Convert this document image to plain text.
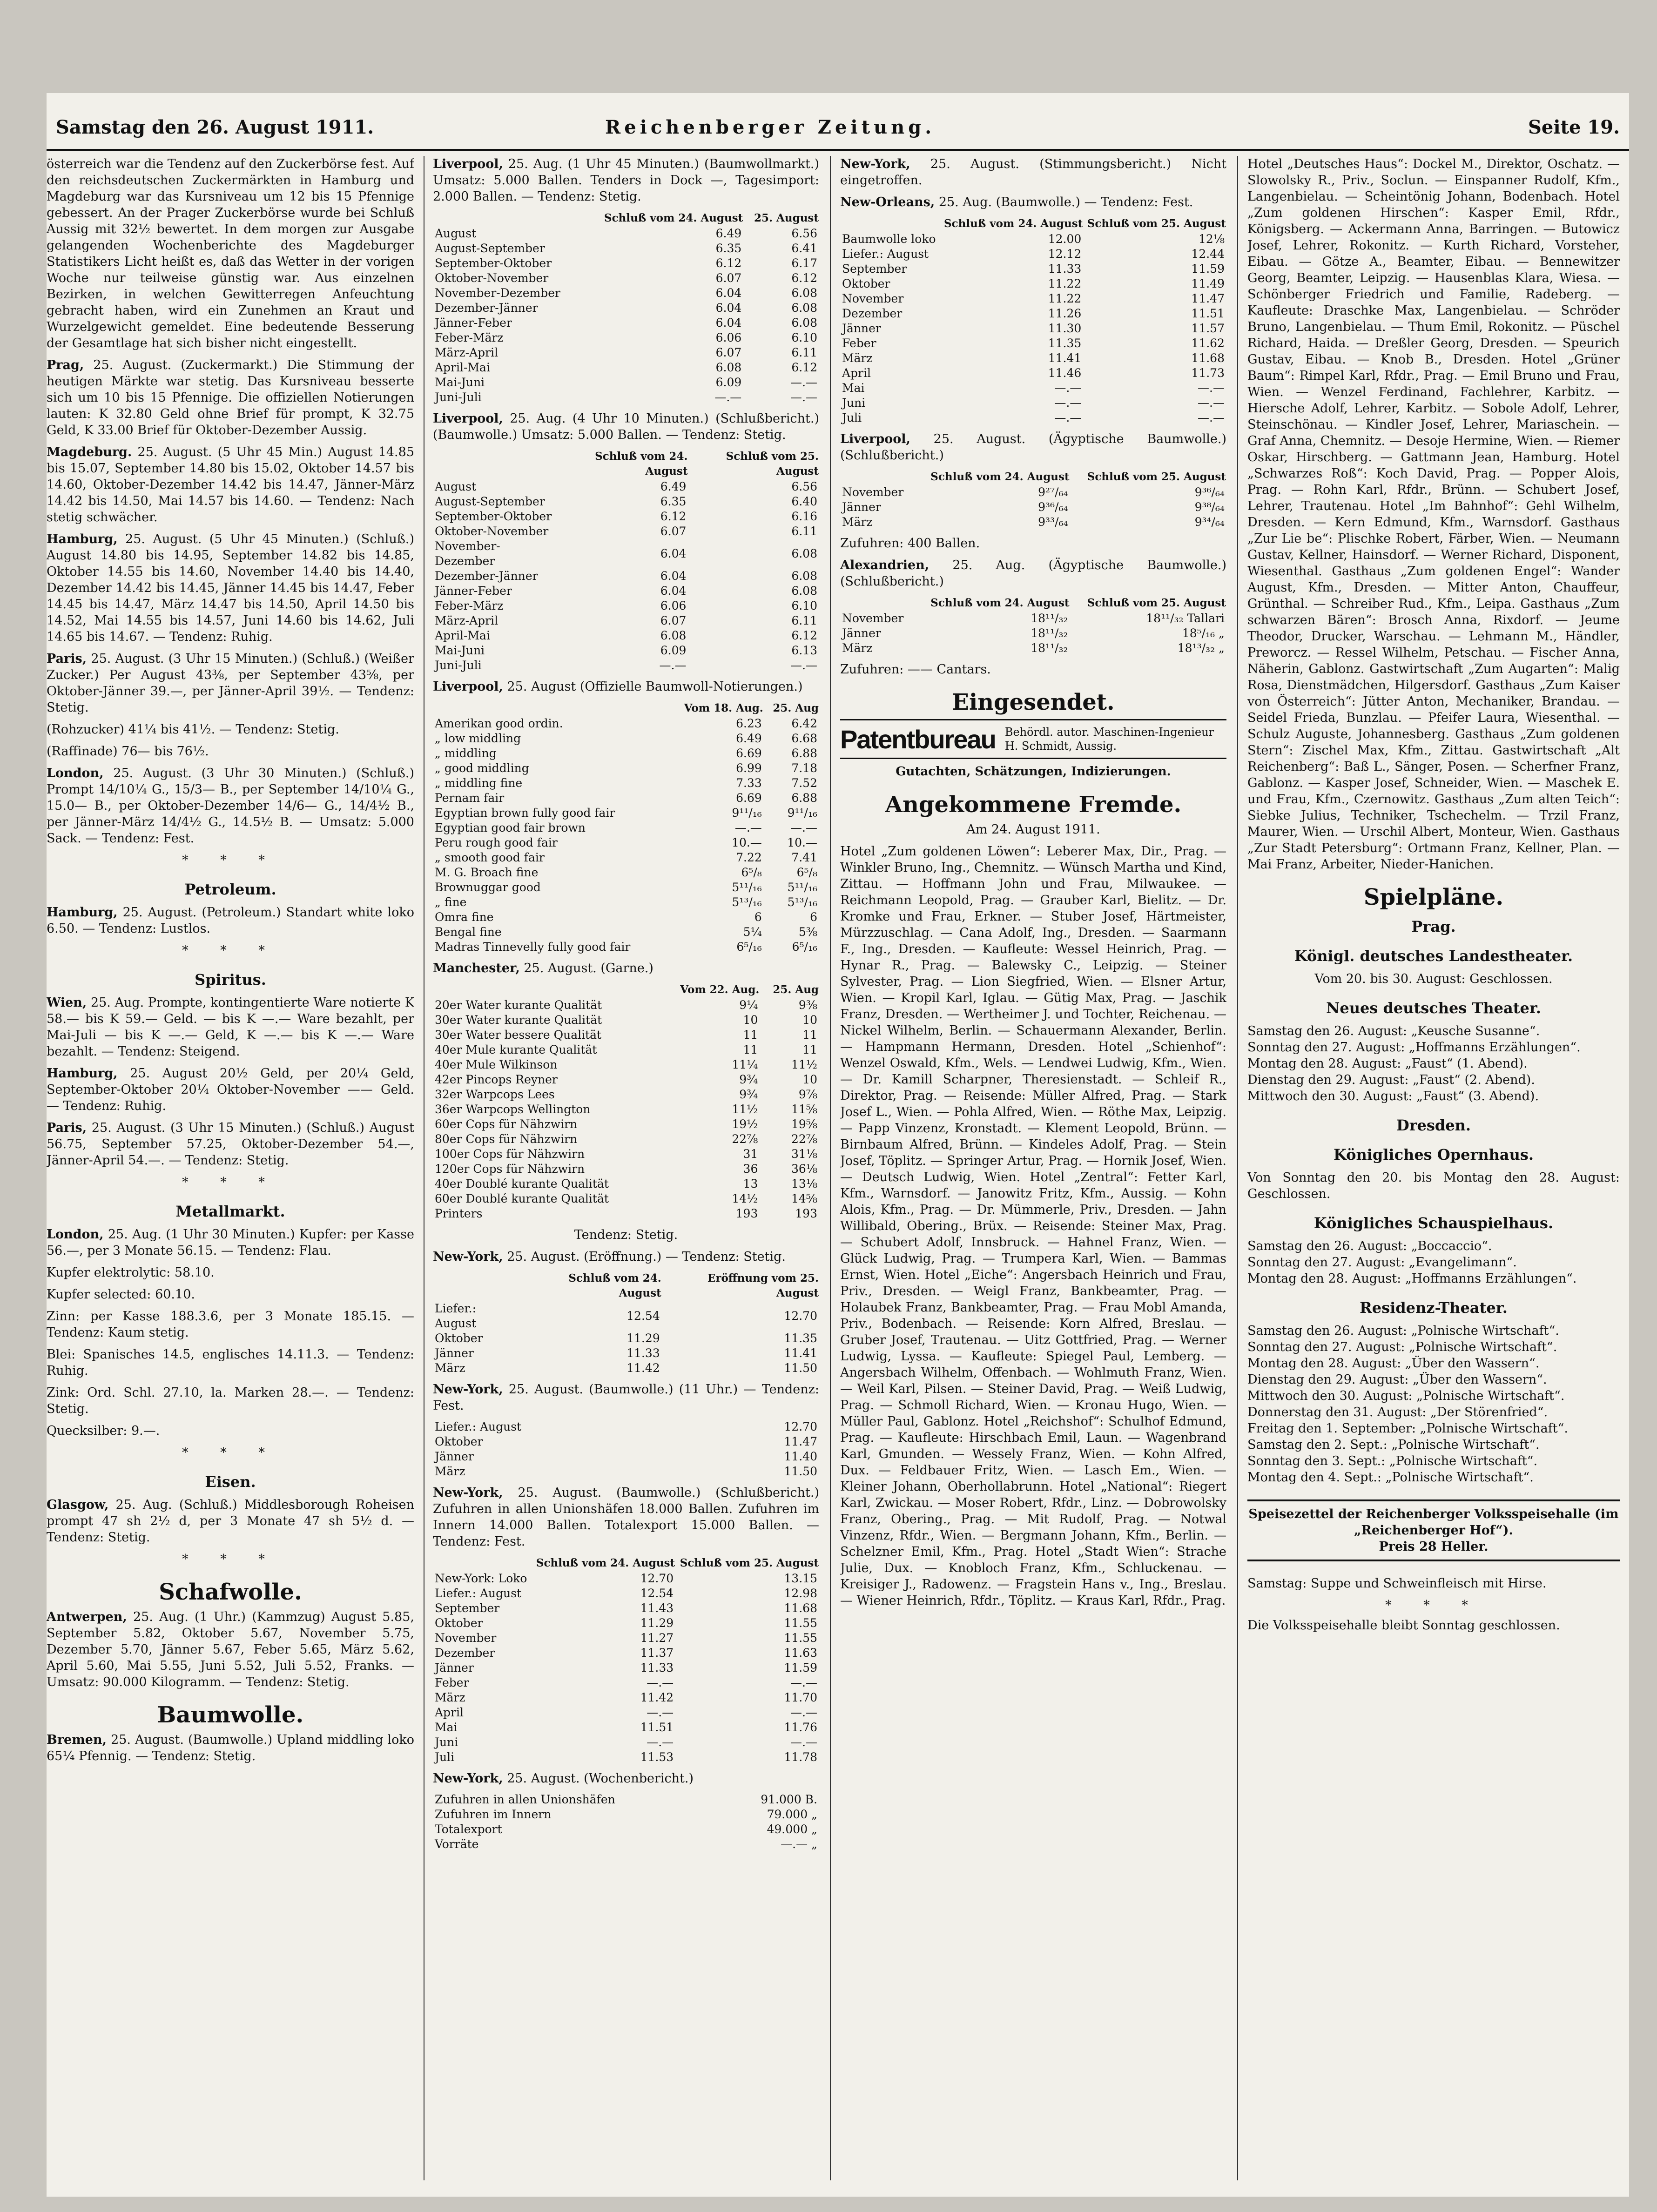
Samstag den 26. August 1911.	Reichenberger Zeitung.	Seite 19.

österreich war die Tendenz auf den Zuckerbörse fest. Auf den reichsdeutschen Zuckermärkten in Hamburg und Magdeburg war das Kursniveau um 12 bis 15 Pfennige gebessert. An der Prager Zuckerbörse wurde bei Schluß Aussig mit 32½ bewertet. In dem morgen zur Ausgabe gelangenden Wochenberichte des Magdeburger Statistikers Licht heißt es, daß das Wetter in der vorigen Woche nur teilweise günstig war. Aus einzelnen Bezirken, in welchen Gewitterregen Anfeuchtung gebracht haben, wird ein Zunehmen an Kraut und Wurzelgewicht gemeldet. Eine bedeutende Besserung der Gesamtlage hat sich bisher nicht eingestellt.

Prag, 25. August. (Zuckermarkt.) Die Stimmung der heutigen Märkte war stetig. Das Kursniveau besserte sich um 10 bis 15 Pfennige. Die offiziellen Notierungen lauten: K 32.80 Geld ohne Brief für prompt, K 32.75 Geld, K 33.00 Brief für Oktober-Dezember Aussig.

Magdeburg. 25. August. (5 Uhr 45 Min.) August 14.85 bis 15.07, September 14.80 bis 15.02, Oktober 14.57 bis 14.60, Oktober-Dezember 14.42 bis 14.47, Jänner-März 14.42 bis 14.50, Mai 14.57 bis 14.60. — Tendenz: Nach stetig schwächer.

Hamburg, 25. August. (5 Uhr 45 Minuten.) (Schluß.) August 14.80 bis 14.95, September 14.82 bis 14.85, Oktober 14.55 bis 14.60, November 14.40 bis 14.40, Dezember 14.42 bis 14.45, Jänner 14.45 bis 14.47, Feber 14.45 bis 14.47, März 14.47 bis 14.50, April 14.50 bis 14.52, Mai 14.55 bis 14.57, Juni 14.60 bis 14.62, Juli 14.65 bis 14.67. — Tendenz: Ruhig.

Paris, 25. August. (3 Uhr 15 Minuten.) (Schluß.) (Weißer Zucker.) Per August 43⅜, per September 43⅝, per Oktober-Jänner 39.—, per Jänner-April 39½. — Tendenz: Stetig.

(Rohzucker) 41¼ bis 41½. — Tendenz: Stetig.

(Raffinade) 76— bis 76½.

London, 25. August. (3 Uhr 30 Minuten.) (Schluß.) Prompt 14/10¼ G., 15/3— B., per September 14/10¼ G., 15.0— B., per Oktober-Dezember 14/6— G., 14/4½ B., per Jänner-März 14/4½ G., 14.5½ B. — Umsatz: 5.000 Sack. — Tendenz: Fest.

* * *
Petroleum.

Hamburg, 25. August. (Petroleum.) Standart white loko 6.50. — Tendenz: Lustlos.

* * *
Spiritus.

Wien, 25. Aug. Prompte, kontingentierte Ware notierte K 58.— bis K 59.— Geld. — bis K —.— Ware bezahlt, per Mai-Juli — bis K —.— Geld, K —.— bis K —.— Ware bezahlt. — Tendenz: Steigend.

Hamburg, 25. August 20½ Geld, per 20¼ Geld, September-Oktober 20¼ Oktober-November —— Geld. — Tendenz: Ruhig.

Paris, 25. August. (3 Uhr 15 Minuten.) (Schluß.) August 56.75, September 57.25, Oktober-Dezember 54.—, Jänner-April 54.—. — Tendenz: Stetig.

* * *
Metallmarkt.

London, 25. Aug. (1 Uhr 30 Minuten.) Kupfer: per Kasse 56.—, per 3 Monate 56.15. — Tendenz: Flau.

Kupfer elektrolytic: 58.10.

Kupfer selected: 60.10.

Zinn: per Kasse 188.3.6, per 3 Monate 185.15. — Tendenz: Kaum stetig.

Blei: Spanisches 14.5, englisches 14.11.3. — Tendenz: Ruhig.

Zink: Ord. Schl. 27.10, la. Marken 28.—. — Tendenz: Stetig.

Quecksilber: 9.—.

* * *
Eisen.

Glasgow, 25. Aug. (Schluß.) Middlesborough Roheisen prompt 47 sh 2½ d, per 3 Monate 47 sh 5½ d. — Tendenz: Stetig.

* * *
Schafwolle.

Antwerpen, 25. Aug. (1 Uhr.) (Kammzug) August 5.85, September 5.82, Oktober 5.67, November 5.75, Dezember 5.70, Jänner 5.67, Feber 5.65, März 5.62, April 5.60, Mai 5.55, Juni 5.52, Juli 5.52, Franks. — Umsatz: 90.000 Kilogramm. — Tendenz: Stetig.

Baumwolle.

Bremen, 25. August. (Baumwolle.) Upland middling loko 65¼ Pfennig. — Tendenz: Stetig.

Liverpool, 25. Aug. (1 Uhr 45 Minuten.) (Baumwollmarkt.) Umsatz: 5.000 Ballen. Tenders in Dock —, Tagesimport: 2.000 Ballen. — Tendenz: Stetig.

	Schluß vom 24. August	25. August
August	6.49	6.56
August-September	6.35	6.41
September-Oktober	6.12	6.17
Oktober-November	6.07	6.12
November-Dezember	6.04	6.08
Dezember-Jänner	6.04	6.08
Jänner-Feber	6.04	6.08
Feber-März	6.06	6.10
März-April	6.07	6.11
April-Mai	6.08	6.12
Mai-Juni	6.09	—.—
Juni-Juli	—.—	—.—

Liverpool, 25. Aug. (4 Uhr 10 Minuten.) (Schlußbericht.) (Baumwolle.) Umsatz: 5.000 Ballen. — Tendenz: Stetig.

	Schluß vom 24. August	Schluß vom 25. August
August	6.49	6.56
August-September	6.35	6.40
September-Oktober	6.12	6.16
Oktober-November	6.07	6.11
November-Dezember	6.04	6.08
Dezember-Jänner	6.04	6.08
Jänner-Feber	6.04	6.08
Feber-März	6.06	6.10
März-April	6.07	6.11
April-Mai	6.08	6.12
Mai-Juni	6.09	6.13
Juni-Juli	—.—	—.—

Liverpool, 25. August (Offizielle Baumwoll-Notierungen.)

	Vom 18. Aug.	25. Aug
Amerikan good ordin.	6.23	6.42
„ low middling	6.49	6.68
„ middling	6.69	6.88
„ good middling	6.99	7.18
„ middling fine	7.33	7.52
Pernam fair	6.69	6.88
Egyptian brown fully good fair	9¹¹/₁₆	9¹¹/₁₆
Egyptian good fair brown	—.—	—.—
Peru rough good fair	10.—	10.—
„ smooth good fair	7.22	7.41
M. G. Broach fine	6⁵/₈	6⁵/₈
Brownuggar good	5¹¹/₁₆	5¹¹/₁₆
„ fine	5¹³/₁₆	5¹³/₁₆
Omra fine	6	6
Bengal fine	5¼	5⅜
Madras Tinnevelly fully good fair	6⁵/₁₆	6⁵/₁₆

Manchester, 25. August. (Garne.)

	Vom 22. Aug.	25. Aug
20er Water kurante Qualität	9¼	9⅜
30er Water kurante Qualität	10	10
30er Water bessere Qualität	11	11
40er Mule kurante Qualität	11	11
40er Mule Wilkinson	11¼	11½
42er Pincops Reyner	9¾	10
32er Warpcops Lees	9¾	9⅞
36er Warpcops Wellington	11½	11⅝
60er Cops für Nähzwirn	19½	19⅝
80er Cops für Nähzwirn	22⅞	22⅞
100er Cops für Nähzwirn	31	31⅛
120er Cops für Nähzwirn	36	36⅛
40er Doublé kurante Qualität	13	13⅛
60er Doublé kurante Qualität	14½	14⅝
Printers	193	193

Tendenz: Stetig.

New-York, 25. August. (Eröffnung.) — Tendenz: Stetig.

	Schluß vom 24. August	Eröffnung vom 25. August
Liefer.: August	12.54	12.70
Oktober	11.29	11.35
Jänner	11.33	11.41
März	11.42	11.50

New-York, 25. August. (Baumwolle.) (11 Uhr.) — Tendenz: Fest.

Liefer.: August	12.70
Oktober	11.47
Jänner	11.40
März	11.50

New-York, 25. August. (Baumwolle.) (Schlußbericht.) Zufuhren in allen Unionshäfen 18.000 Ballen. Zufuhren im Innern 14.000 Ballen. Totalexport 15.000 Ballen. — Tendenz: Fest.

	Schluß vom 24. August	Schluß vom 25. August
New-York: Loko	12.70	13.15
Liefer.: August	12.54	12.98
September	11.43	11.68
Oktober	11.29	11.55
November	11.27	11.55
Dezember	11.37	11.63
Jänner	11.33	11.59
Feber	—.—	—.—
März	11.42	11.70
April	—.—	—.—
Mai	11.51	11.76
Juni	—.—	—.—
Juli	11.53	11.78

New-York, 25. August. (Wochenbericht.)

Zufuhren in allen Unionshäfen	91.000 B.
Zufuhren im Innern	79.000 „
Totalexport	49.000 „
Vorräte	—.— „

New-York, 25. August. (Stimmungsbericht.) Nicht eingetroffen.

New-Orleans, 25. Aug. (Baumwolle.) — Tendenz: Fest.

	Schluß vom 24. August	Schluß vom 25. August
Baumwolle loko	12.00	12⅛
Liefer.: August	12.12	12.44
September	11.33	11.59
Oktober	11.22	11.49
November	11.22	11.47
Dezember	11.26	11.51
Jänner	11.30	11.57
Feber	11.35	11.62
März	11.41	11.68
April	11.46	11.73
Mai	—.—	—.—
Juni	—.—	—.—
Juli	—.—	—.—

Liverpool, 25. August. (Ägyptische Baumwolle.) (Schlußbericht.)

	Schluß vom 24. August	Schluß vom 25. August
November	9²⁷/₆₄	9³⁶/₆₄
Jänner	9³⁶/₆₄	9³⁸/₆₄
März	9³³/₆₄	9³⁴/₆₄

Zufuhren: 400 Ballen.

Alexandrien, 25. Aug. (Ägyptische Baumwolle.) (Schlußbericht.)

	Schluß vom 24. August	Schluß vom 25. August
November	18¹¹/₃₂	18¹¹/₃₂ Tallari
Jänner	18¹¹/₃₂	18⁵/₁₆ „
März	18¹¹/₃₂	18¹³/₃₂ „

Zufuhren: —— Cantars.

Eingesendet.
Patentbureau Behördl. autor. Maschinen-Ingenieur H. Schmidt, Aussig.
Gutachten, Schätzungen, Indizierungen.
Angekommene Fremde.

Am 24. August 1911.

Hotel „Zum goldenen Löwen“: Leberer Max, Dir., Prag. — Winkler Bruno, Ing., Chemnitz. — Wünsch Martha und Kind, Zittau. — Hoffmann John und Frau, Milwaukee. — Reichmann Leopold, Prag. — Grauber Karl, Bielitz. — Dr. Kromke und Frau, Erkner. — Stuber Josef, Härtmeister, Mürzzuschlag. — Cana Adolf, Ing., Dresden. — Saarmann F., Ing., Dresden. — Kaufleute: Wessel Heinrich, Prag. — Hynar R., Prag. — Balewsky C., Leipzig. — Steiner Sylvester, Prag. — Lion Siegfried, Wien. — Elsner Artur, Wien. — Kropil Karl, Iglau. — Gütig Max, Prag. — Jaschik Franz, Dresden. — Wertheimer J. und Tochter, Reichenau. — Nickel Wilhelm, Berlin. — Schauermann Alexander, Berlin. — Hampmann Hermann, Dresden. Hotel „Schienhof“: Wenzel Oswald, Kfm., Wels. — Lendwei Ludwig, Kfm., Wien. — Dr. Kamill Scharpner, Theresienstadt. — Schleif R., Direktor, Prag. — Reisende: Müller Alfred, Prag. — Stark Josef L., Wien. — Pohla Alfred, Wien. — Röthe Max, Leipzig. — Papp Vinzenz, Kronstadt. — Klement Leopold, Brünn. — Birnbaum Alfred, Brünn. — Kindeles Adolf, Prag. — Stein Josef, Töplitz. — Springer Artur, Prag. — Hornik Josef, Wien. — Deutsch Ludwig, Wien. Hotel „Zentral“: Fetter Karl, Kfm., Warnsdorf. — Janowitz Fritz, Kfm., Aussig. — Kohn Alois, Kfm., Prag. — Dr. Mümmerle, Priv., Dresden. — Jahn Willibald, Obering., Brüx. — Reisende: Steiner Max, Prag. — Schubert Adolf, Innsbruck. — Hahnel Franz, Wien. — Glück Ludwig, Prag. — Trumpera Karl, Wien. — Bammas Ernst, Wien. Hotel „Eiche“: Angersbach Heinrich und Frau, Priv., Dresden. — Weigl Franz, Bankbeamter, Prag. — Holaubek Franz, Bankbeamter, Prag. — Frau Mobl Amanda, Priv., Bodenbach. — Reisende: Korn Alfred, Breslau. — Gruber Josef, Trautenau. — Uitz Gottfried, Prag. — Werner Ludwig, Lyssa. — Kaufleute: Spiegel Paul, Lemberg. — Angersbach Wilhelm, Offenbach. — Wohlmuth Franz, Wien. — Weil Karl, Pilsen. — Steiner David, Prag. — Weiß Ludwig, Prag. — Schmoll Richard, Wien. — Kronau Hugo, Wien. — Müller Paul, Gablonz. Hotel „Reichshof“: Schulhof Edmund, Prag. — Kaufleute: Hirschbach Emil, Laun. — Wagenbrand Karl, Gmunden. — Wessely Franz, Wien. — Kohn Alfred, Dux. — Feldbauer Fritz, Wien. — Lasch Em., Wien. — Kleiner Johann, Oberhollabrunn. Hotel „National“: Riegert Karl, Zwickau. — Moser Robert, Rfdr., Linz. — Dobrowolsky Franz, Obering., Prag. — Mit Rudolf, Prag. — Notwal Vinzenz, Rfdr., Wien. — Bergmann Johann, Kfm., Berlin. — Schelzner Emil, Kfm., Prag. Hotel „Stadt Wien“: Strache Julie, Dux. — Knobloch Franz, Kfm., Schluckenau. — Kreisiger J., Radowenz. — Fragstein Hans v., Ing., Breslau. — Wiener Heinrich, Rfdr., Töplitz. — Kraus Karl, Rfdr., Prag.

Hotel „Deutsches Haus“: Dockel M., Direktor, Oschatz. — Slowolsky R., Priv., Soclun. — Einspanner Rudolf, Kfm., Langenbielau. — Scheintönig Johann, Bodenbach. Hotel „Zum goldenen Hirschen“: Kasper Emil, Rfdr., Königsberg. — Ackermann Anna, Barringen. — Butowicz Josef, Lehrer, Rokonitz. — Kurth Richard, Vorsteher, Eibau. — Götze A., Beamter, Eibau. — Bennewitzer Georg, Beamter, Leipzig. — Hausenblas Klara, Wiesa. — Schönberger Friedrich und Familie, Radeberg. — Kaufleute: Draschke Max, Langenbielau. — Schröder Bruno, Langenbielau. — Thum Emil, Rokonitz. — Püschel Richard, Haida. — Dreßler Georg, Dresden. — Speurich Gustav, Eibau. — Knob B., Dresden. Hotel „Grüner Baum“: Rimpel Karl, Rfdr., Prag. — Emil Bruno und Frau, Wien. — Wenzel Ferdinand, Fachlehrer, Karbitz. — Hiersche Adolf, Lehrer, Karbitz. — Sobole Adolf, Lehrer, Steinschönau. — Kindler Josef, Lehrer, Mariaschein. — Graf Anna, Chemnitz. — Desoje Hermine, Wien. — Riemer Oskar, Hirschberg. — Gattmann Jean, Hamburg. Hotel „Schwarzes Roß“: Koch David, Prag. — Popper Alois, Prag. — Rohn Karl, Rfdr., Brünn. — Schubert Josef, Lehrer, Trautenau. Hotel „Im Bahnhof“: Gehl Wilhelm, Dresden. — Kern Edmund, Kfm., Warnsdorf. Gasthaus „Zur Lie be“: Plischke Robert, Färber, Wien. — Neumann Gustav, Kellner, Hainsdorf. — Werner Richard, Disponent, Wiesenthal. Gasthaus „Zum goldenen Engel“: Wander August, Kfm., Dresden. — Mitter Anton, Chauffeur, Grünthal. — Schreiber Rud., Kfm., Leipa. Gasthaus „Zum schwarzen Bären“: Brosch Anna, Rixdorf. — Jeume Theodor, Drucker, Warschau. — Lehmann M., Händler, Preworcz. — Ressel Wilhelm, Petschau. — Fischer Anna, Näherin, Gablonz. Gastwirtschaft „Zum Augarten“: Malig Rosa, Dienstmädchen, Hilgersdorf. Gasthaus „Zum Kaiser von Österreich“: Jütter Anton, Mechaniker, Brandau. — Seidel Frieda, Bunzlau. — Pfeifer Laura, Wiesenthal. — Schulz Auguste, Johannesberg. Gasthaus „Zum goldenen Stern“: Zischel Max, Kfm., Zittau. Gastwirtschaft „Alt Reichenberg“: Baß L., Sänger, Posen. — Scherfner Franz, Gablonz. — Kasper Josef, Schneider, Wien. — Maschek E. und Frau, Kfm., Czernowitz. Gasthaus „Zum alten Teich“: Siebke Julius, Techniker, Tschechelm. — Trzil Franz, Maurer, Wien. — Urschil Albert, Monteur, Wien. Gasthaus „Zur Stadt Petersburg“: Ortmann Franz, Kellner, Plan. — Mai Franz, Arbeiter, Nieder-Hanichen.

Spielpläne.
Prag.
Königl. deutsches Landestheater.

Vom 20. bis 30. August: Geschlossen.

Neues deutsches Theater.
Samstag den 26. August: „Keusche Susanne“.
Sonntag den 27. August: „Hoffmanns Erzählungen“.
Montag den 28. August: „Faust“ (1. Abend).
Dienstag den 29. August: „Faust“ (2. Abend).
Mittwoch den 30. August: „Faust“ (3. Abend).
Dresden.
Königliches Opernhaus.

Von Sonntag den 20. bis Montag den 28. August: Geschlossen.

Königliches Schauspielhaus.
Samstag den 26. August: „Boccaccio“.
Sonntag den 27. August: „Evangelimann“.
Montag den 28. August: „Hoffmanns Erzählungen“.
Residenz-Theater.
Samstag den 26. August: „Polnische Wirtschaft“.
Sonntag den 27. August: „Polnische Wirtschaft“.
Montag den 28. August: „Über den Wassern“.
Dienstag den 29. August: „Über den Wassern“.
Mittwoch den 30. August: „Polnische Wirtschaft“.
Donnerstag den 31. August: „Der Störenfried“.
Freitag den 1. September: „Polnische Wirtschaft“.
Samstag den 2. Sept.: „Polnische Wirtschaft“.
Sonntag den 3. Sept.: „Polnische Wirtschaft“.
Montag den 4. Sept.: „Polnische Wirtschaft“.
Speisezettel der Reichenberger Volksspeisehalle (im „Reichenberger Hof“).
Preis 28 Heller.

Samstag: Suppe und Schweinfleisch mit Hirse.

* * *

Die Volksspeisehalle bleibt Sonntag geschlossen.
